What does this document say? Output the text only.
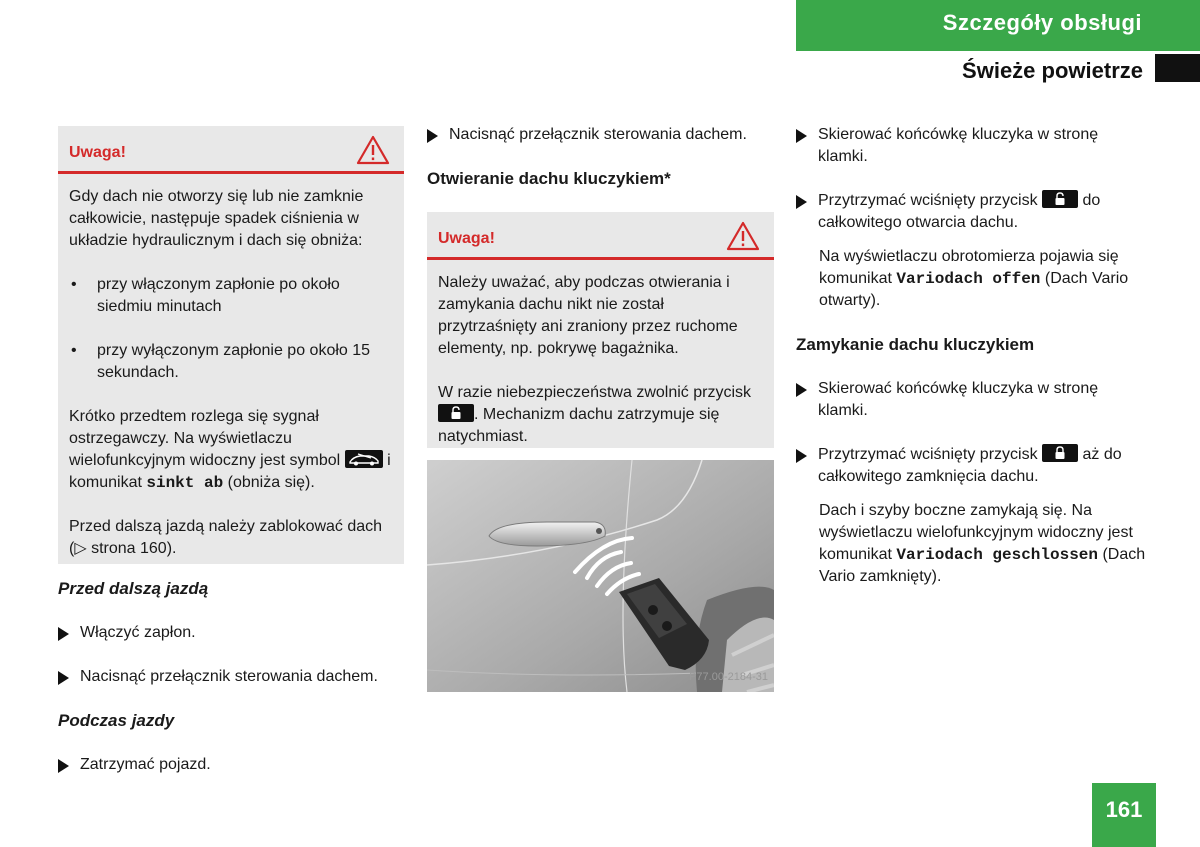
Szczegóły obsługi
Świeże powietrze
Uwaga!

Gdy dach nie otworzy się lub nie zamknie całkowicie, następuje spadek ciśnienia w układzie hydraulicznym i dach się obniża:

• przy włączonym zapłonie po około siedmiu minutach
• przy wyłączonym zapłonie po około 15 sekundach.

Krótko przedtem rozlega się sygnał ostrzegawczy. Na wyświetlaczu wielofunkcyjnym widoczny jest symbol	i komunikat sinkt ab (obniża się).

Przed dalszą jazdą należy zablokować dach (▷ strona 160).

Przed dalszą jazdą
Włączyć zapłon.
Nacisnąć przełącznik sterowania dachem.
Podczas jazdy
Zatrzymać pojazd.
Nacisnąć przełącznik sterowania dachem.
Otwieranie dachu kluczykiem*
Uwaga!

Należy uważać, aby podczas otwierania i zamykania dachu nikt nie został przytrzaśnięty ani zraniony przez ruchome elementy, np. pokrywę bagażnika.

W razie niebezpieczeństwa zwolnić przycisk
. Mechanizm dachu zatrzymuje się natychmiast.

P77.00-2184-31
Skierować końcówkę kluczyka w stronę klamki.
Przytrzymać wciśnięty przycisk	do całkowitego otwarcia dachu.
Na wyświetlaczu obrotomierza pojawia się komunikat Variodach offen (Dach Vario otwarty).
Zamykanie dachu kluczykiem
Skierować końcówkę kluczyka w stronę klamki.
Przytrzymać wciśnięty przycisk	aż do całkowitego zamknięcia dachu.
Dach i szyby boczne zamykają się. Na wyświetlaczu wielofunkcyjnym widoczny jest komunikat Variodach geschlossen (Dach Vario zamknięty).
161
